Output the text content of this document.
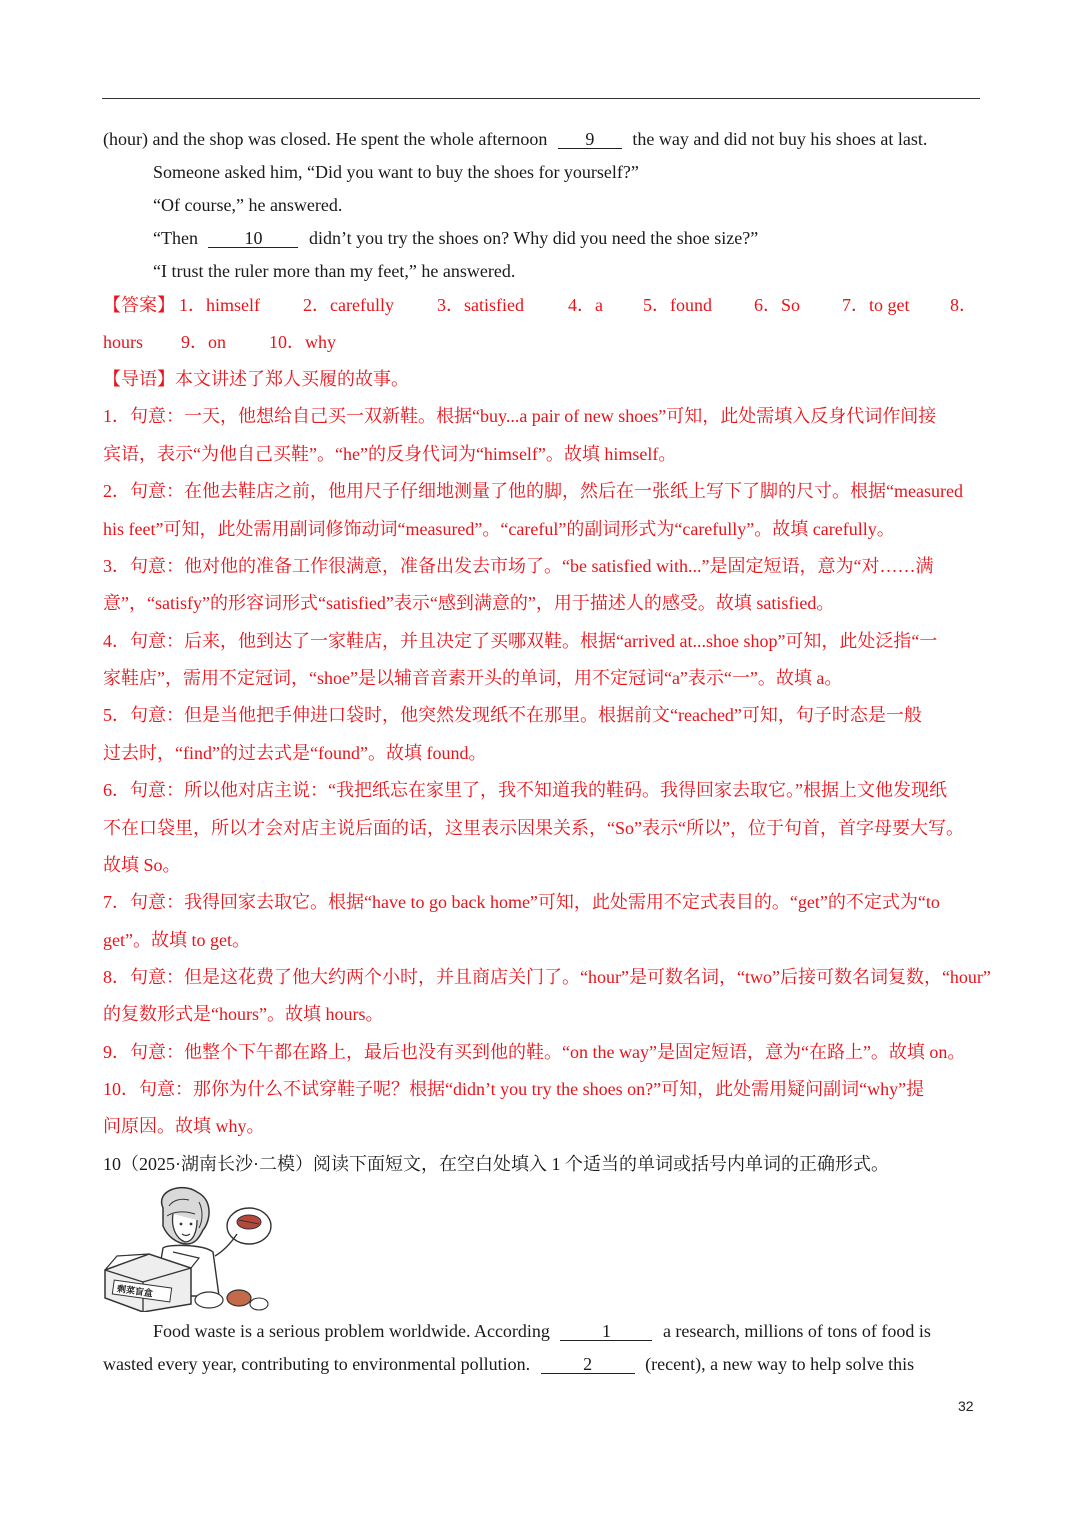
(hour) and the shop was closed. He spent the whole afternoon 9 the way and did not buy his shoes at last.
Someone asked him, “Did you want to buy the shoes for yourself?”
“Of course,” he answered.
“Then	10	didn’t you try the shoes on? Why did you need the shoe size?”
“I trust the ruler more than my feet,” he answered.
【答案】 1．himself 2．carefully 3．satisfied 4．a 5．found 6．So 7．to get 8．
hours 9．on 10．why
【导语】本文讲述了郑人买履的故事。
1．句意：一天，他想给自己买一双新鞋。根据“buy...a pair of new shoes”可知，此处需填入反身代词作间接
宾语，表示“为他自己买鞋”。“he”的反身代词为“himself”。故填 himself。
2．句意：在他去鞋店之前，他用尺子仔细地测量了他的脚，然后在一张纸上写下了脚的尺寸。根据“measured
his feet”可知，此处需用副词修饰动词“measured”。“careful”的副词形式为“carefully”。故填 carefully。
3．句意：他对他的准备工作很满意，准备出发去市场了。“be satisfied with...”是固定短语，意为“对……满
意”，“satisfy”的形容词形式“satisfied”表示“感到满意的”，用于描述人的感受。故填 satisfied。
4．句意：后来，他到达了一家鞋店，并且决定了买哪双鞋。根据“arrived at...shoe shop”可知，此处泛指“一
家鞋店”，需用不定冠词，“shoe”是以辅音音素开头的单词，用不定冠词“a”表示“一”。故填 a。
5．句意：但是当他把手伸进口袋时，他突然发现纸不在那里。根据前文“reached”可知，句子时态是一般
过去时，“find”的过去式是“found”。故填 found。
6．句意：所以他对店主说：“我把纸忘在家里了，我不知道我的鞋码。我得回家去取它。”根据上文他发现纸
不在口袋里，所以才会对店主说后面的话，这里表示因果关系，“So”表示“所以”，位于句首，首字母要大写。
故填 So。
7．句意：我得回家去取它。根据“have to go back home”可知，此处需用不定式表目的。“get”的不定式为“to
get”。故填 to get。
8．句意：但是这花费了他大约两个小时，并且商店关门了。“hour”是可数名词，“two”后接可数名词复数，“hour”
的复数形式是“hours”。故填 hours。
9．句意：他整个下午都在路上，最后也没有买到他的鞋。“on the way”是固定短语，意为“在路上”。故填 on。
10．句意：那你为什么不试穿鞋子呢？根据“didn’t you try the shoes on?”可知，此处需用疑问副词“why”提
问原因。故填 why。
10（2025·湖南长沙·二模）阅读下面短文，在空白处填入 1 个适当的单词或括号内单词的正确形式。
剩菜盲盒
Food waste is a serious problem worldwide. According	1	a research, millions of tons of food is
wasted every year, contributing to environmental pollution.	2	(recent), a new way to help solve this
32
